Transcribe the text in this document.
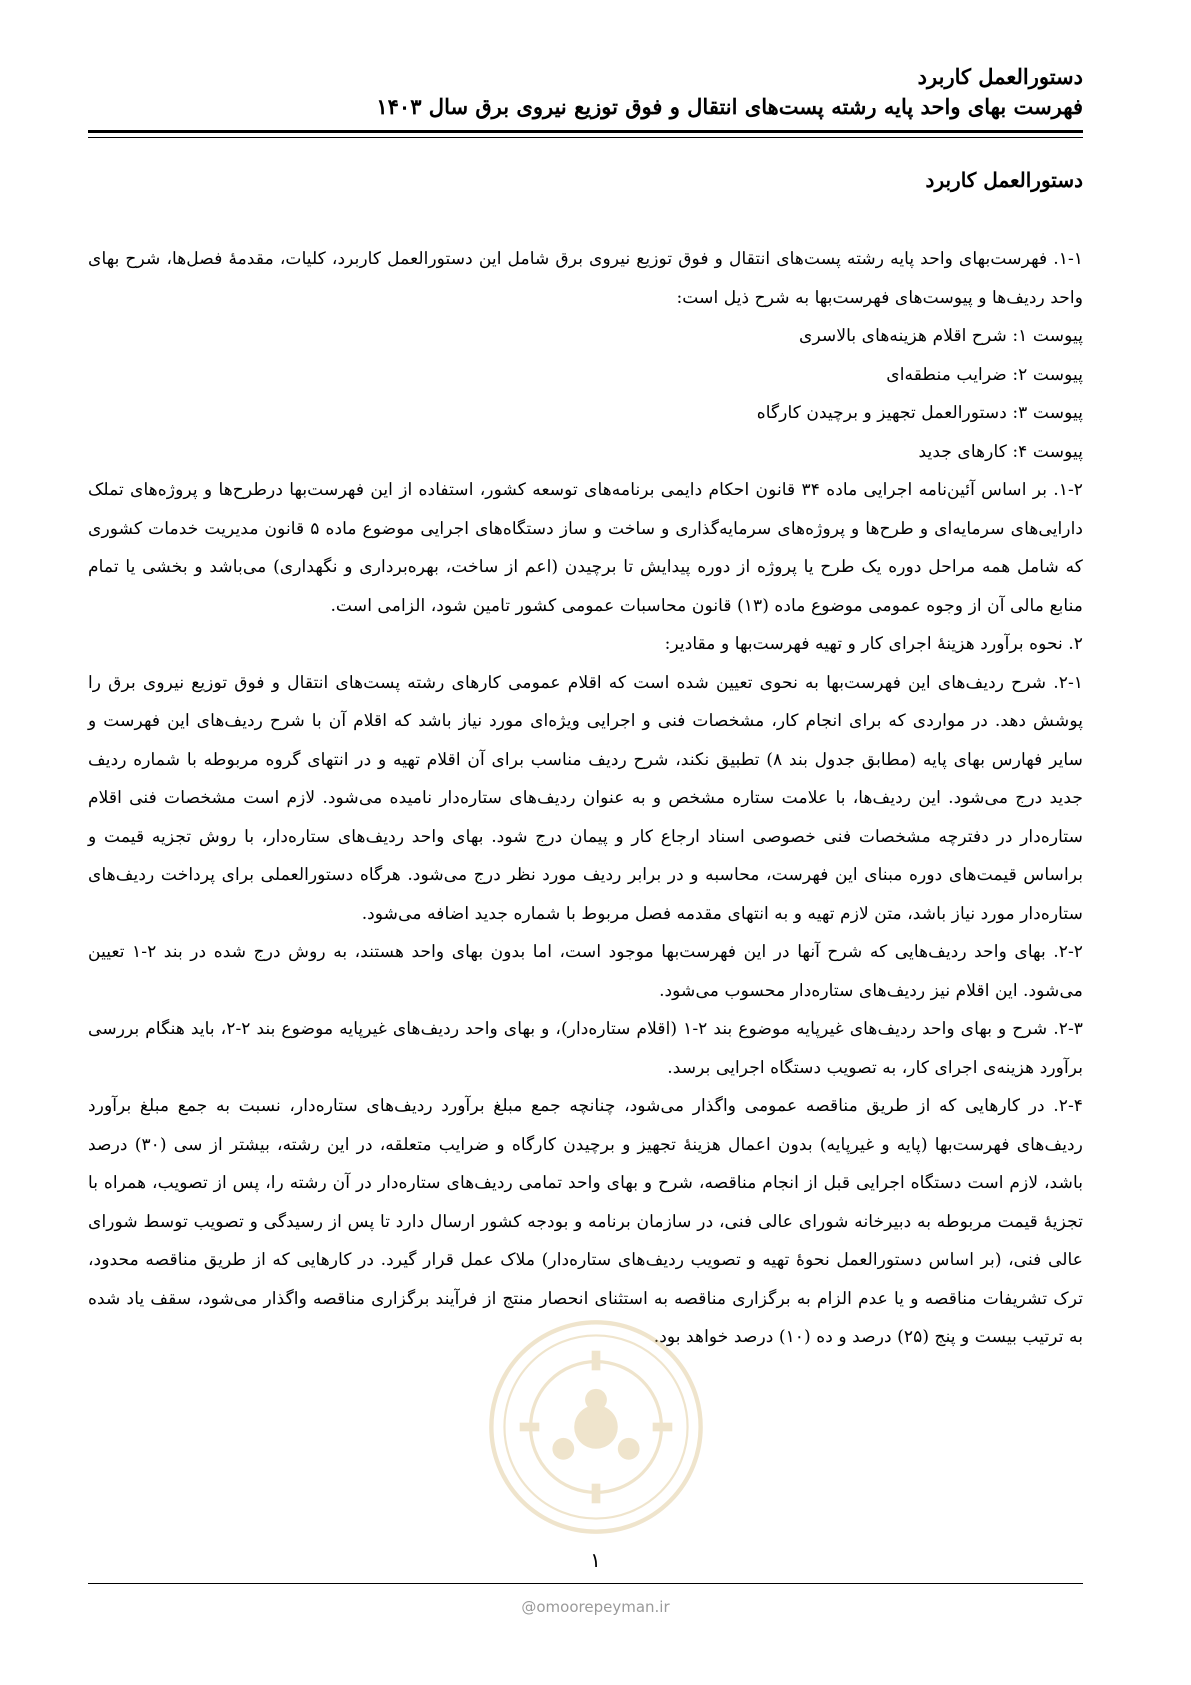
دستورالعمل کاربرد
فهرست بهای واحد پایه رشته پست‌های انتقال و فوق توزیع نیروی برق سال ۱۴۰۳
دستورالعمل کاربرد

۱-۱. فهرست‌بهای واحد پایه رشته پست‌های انتقال و فوق توزیع نیروی برق شامل این دستورالعمل کاربرد، کلیات، مقدمهٔ فصل‌ها، شرح بهای واحد ردیف‌ها و پیوست‌های فهرست‌بها به شرح ذیل است:

پیوست ۱: شرح اقلام هزینه‌های بالاسری

پیوست ۲: ضرایب منطقه‌ای

پیوست ۳: دستورالعمل تجهیز و برچیدن کارگاه

پیوست ۴: کارهای جدید

۱-۲. بر اساس آئین‌نامه اجرایی ماده ۳۴ قانون احکام دایمی برنامه‌های توسعه کشور، استفاده از این فهرست‌بها درطرح‌ها و پروژه‌های تملک دارایی‌های سرمایه‌ای و طرح‌ها و پروژه‌های سرمایه‌گذاری و ساخت و ساز دستگاه‌های اجرایی موضوع ماده ۵ قانون مدیریت خدمات کشوری که شامل همه مراحل دوره یک طرح یا پروژه از دوره پیدایش تا برچیدن (اعم از ساخت، بهره‌برداری و نگهداری) می‌باشد و بخشی یا تمام منابع مالی آن از وجوه عمومی موضوع ماده (۱۳) قانون محاسبات عمومی کشور تامین شود، الزامی است.

۲. نحوه برآورد هزینهٔ اجرای کار و تهیه فهرست‌بها و مقادیر:

۲-۱. شرح ردیف‌های این فهرست‌بها به نحوی تعیین شده است که اقلام عمومی کارهای رشته پست‌های انتقال و فوق توزیع نیروی برق را پوشش دهد. در مواردی که برای انجام کار، مشخصات فنی و اجرایی ویژه‌ای مورد نیاز باشد که اقلام آن با شرح ردیف‌های این فهرست و سایر فهارس بهای پایه (مطابق جدول بند ۸) تطبیق نکند، شرح ردیف مناسب برای آن اقلام تهیه و در انتهای گروه مربوطه با شماره ردیف جدید درج می‌شود. این ردیف‌ها، با علامت ستاره مشخص و به عنوان ردیف‌های ستاره‌دار نامیده می‌شود. لازم است مشخصات فنی اقلام ستاره‌دار در دفترچه مشخصات فنی خصوصی اسناد ارجاع کار و پیمان درج شود. بهای واحد ردیف‌های ستاره‌دار، با روش تجزیه قیمت و براساس قیمت‌های دوره مبنای این فهرست، محاسبه و در برابر ردیف مورد نظر درج می‌شود. هرگاه دستورالعملی برای پرداخت ردیف‌های ستاره‌دار مورد نیاز باشد، متن لازم تهیه و به انتهای مقدمه فصل مربوط با شماره جدید اضافه می‌شود.

۲-۲. بهای واحد ردیف‌هایی که شرح آنها در این فهرست‌بها موجود است، اما بدون بهای واحد هستند، به روش درج شده در بند ۲-۱ تعیین می‌شود. این اقلام نیز ردیف‌های ستاره‌دار محسوب می‌شود.

۲-۳. شرح و بهای واحد ردیف‌های غیرپایه موضوع بند ۲-۱ (اقلام ستاره‌دار)، و بهای واحد ردیف‌های غیرپایه موضوع بند ۲-۲، باید هنگام بررسی برآورد هزینه‌ی اجرای کار، به تصویب دستگاه اجرایی برسد.

۲-۴. در کارهایی که از طریق مناقصه عمومی واگذار می‌شود، چنانچه جمع مبلغ برآورد ردیف‌های ستاره‌دار، نسبت به جمع مبلغ برآورد ردیف‌های فهرست‌بها (پایه و غیرپایه) بدون اعمال هزینهٔ تجهیز و برچیدن کارگاه و ضرایب متعلقه، در این رشته، بیشتر از سی (۳۰) درصد باشد، لازم است دستگاه اجرایی قبل از انجام مناقصه، شرح و بهای واحد تمامی ردیف‌های ستاره‌دار در آن رشته را، پس از تصویب، همراه با تجزیهٔ قیمت مربوطه به دبیرخانه شورای عالی فنی، در سازمان برنامه و بودجه کشور ارسال دارد تا پس از رسیدگی و تصویب توسط شورای عالی فنی، (بر اساس دستورالعمل نحوهٔ تهیه و تصویب ردیف‌های ستاره‌دار) ملاک عمل قرار گیرد. در کارهایی که از طریق مناقصه محدود، ترک تشریفات مناقصه و یا عدم الزام به برگزاری مناقصه به استثنای انحصار منتج از فرآیند برگزاری مناقصه واگذار می‌شود، سقف یاد شده به ترتیب بیست و پنج (۲۵) درصد و ده (۱۰) درصد خواهد بود.

۱
@omoorepeyman.ir
